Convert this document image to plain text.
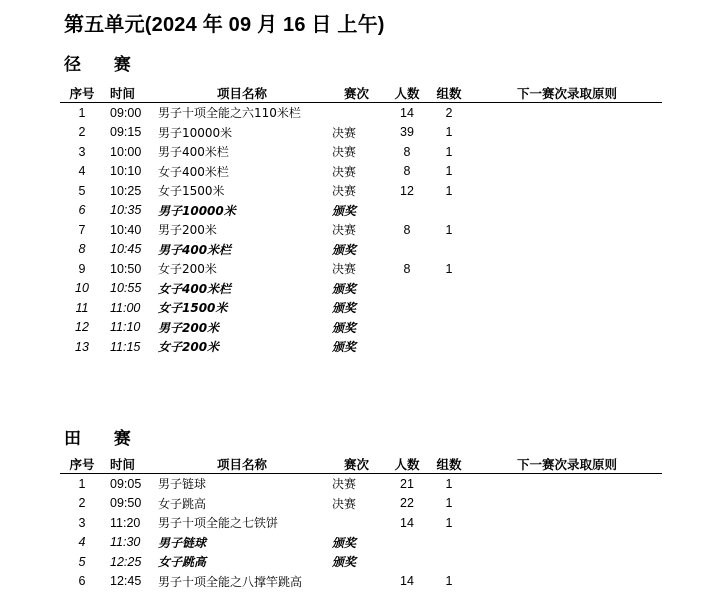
第五单元(2024 年 09 月 16 日 上午)
径 赛
序号	时间	项目名称	赛次	人数	组数	下一赛次录取原则
1	09:00	男子十项全能之六110米栏		14	2	
2	09:15	男子10000米	决赛	39	1	
3	10:00	男子400米栏	决赛	8	1	
4	10:10	女子400米栏	决赛	8	1	
5	10:25	女子1500米	决赛	12	1	
6	10:35	男子10000米	颁奖			
7	10:40	男子200米	决赛	8	1	
8	10:45	男子400米栏	颁奖			
9	10:50	女子200米	决赛	8	1	
10	10:55	女子400米栏	颁奖			
11	11:00	女子1500米	颁奖			
12	11:10	男子200米	颁奖			
13	11:15	女子200米	颁奖			
田 赛
序号	时间	项目名称	赛次	人数	组数	下一赛次录取原则
1	09:05	男子链球	决赛	21	1	
2	09:50	女子跳高	决赛	22	1	
3	11:20	男子十项全能之七铁饼		14	1	
4	11:30	男子链球	颁奖			
5	12:25	女子跳高	颁奖			
6	12:45	男子十项全能之八撑竿跳高		14	1	
